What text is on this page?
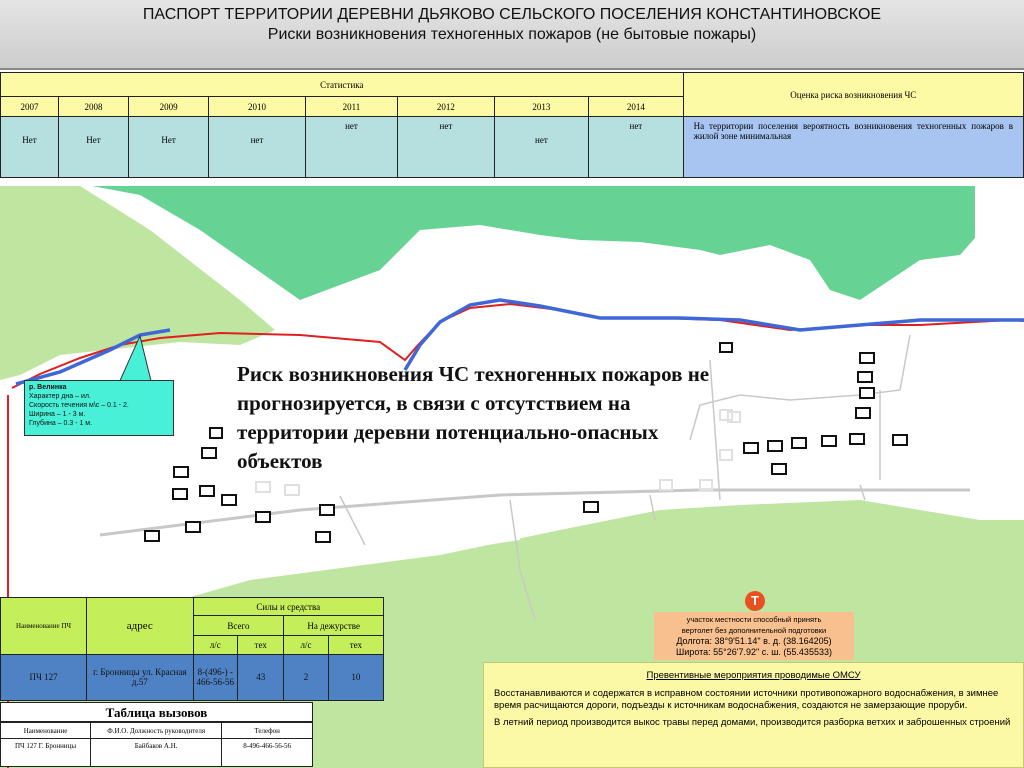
ПАСПОРТ ТЕРРИТОРИИ ДЕРЕВНИ ДЬЯКОВО СЕЛЬСКОГО ПОСЕЛЕНИЯ КОНСТАНТИНОВСКОЕ
Риски возникновения техногенных пожаров (не бытовые пожары)
Статистика								Оценка риска возникновения ЧС
2007	2008	2009	2010	2011	2012	2013	2014	
Нет	Нет	Нет	нет	нет	нет	нет	нет	На территории поселения вероятность возникновения техногенных пожаров в жилой зоне минимальная
р. Велинка
Характер дна – ил.
Скорость течения м\с – 0.1 - 2.
Ширина – 1 - 3 м.
Глубина – 0.3 - 1 м.
Риск возникновения ЧС техногенных пожаров не прогнозируется, в связи с отсутствием на территории деревни потенциально-опасных объектов
Т
участок местности способный принять
вертолет без дополнительной подготовки
Долгота: 38°9'51.14" в. д. (38.164205)
Широта: 55°26'7.92" с. ш. (55.435533)
Наименование ПЧ	адрес	Силы и средства			
		Всего		На дежурстве	
		л/с	тех	л/с	тех
ПЧ 127	г. Бронницы ул. Красная д.57	8-(496-) - 466-56-56	43	2	10
Таблица вызовов
Наименование	Ф.И.О. Должность руководителя	Телефон
ПЧ 127 Г. Бронницы	Байбаков А.Н.	8-496-466-56-56
Превентивные мероприятия проводимые ОМСУ

Восстанавливаются и содержатся в исправном состоянии источники противопожарного водоснабжения, в зимнее время расчищаются дороги, подъезды к источникам водоснабжения, создаются не замерзающие проруби.

В летний период производится выкос травы перед домами, производится разборка ветхих и заброшенных строений
